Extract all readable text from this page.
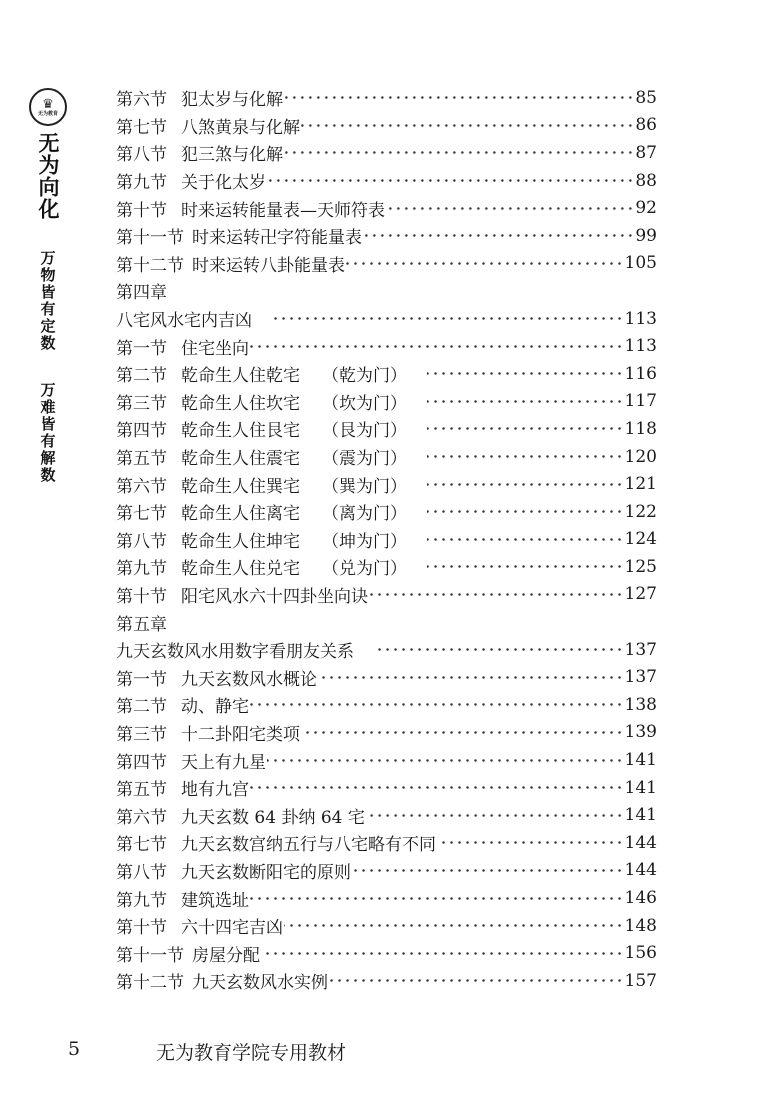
♛
无为教育
无为向化
万物皆有定数
万难皆有解数
第六节 犯太岁与化解	85
第七节 八煞黄泉与化解	86
第八节 犯三煞与化解	87
第九节 关于化太岁	88
第十节 时来运转能量表—天师符表	92
第十一节 时来运转卍字符能量表	99
第十二节 时来运转八卦能量表	105
第四章
八宅风水宅内吉凶	113
第一节 住宅坐向	113
第二节 乾命生人住乾宅 （乾为门）	116
第三节 乾命生人住坎宅 （坎为门）	117
第四节 乾命生人住艮宅 （艮为门）	118
第五节 乾命生人住震宅 （震为门）	120
第六节 乾命生人住巽宅 （巽为门）	121
第七节 乾命生人住离宅 （离为门）	122
第八节 乾命生人住坤宅 （坤为门）	124
第九节 乾命生人住兑宅 （兑为门）	125
第十节 阳宅风水六十四卦坐向诀	127
第五章
九天玄数风水用数字看朋友关系	137
第一节 九天玄数风水概论	137
第二节 动、静宅	138
第三节 十二卦阳宅类项	139
第四节 天上有九星	141
第五节 地有九宫	141
第六节 九天玄数 64 卦纳 64 宅	141
第七节 九天玄数宫纳五行与八宅略有不同	144
第八节 九天玄数断阳宅的原则	144
第九节 建筑选址	146
第十节 六十四宅吉凶	148
第十一节 房屋分配	156
第十二节 九天玄数风水实例	157
5	无为教育学院专用教材
